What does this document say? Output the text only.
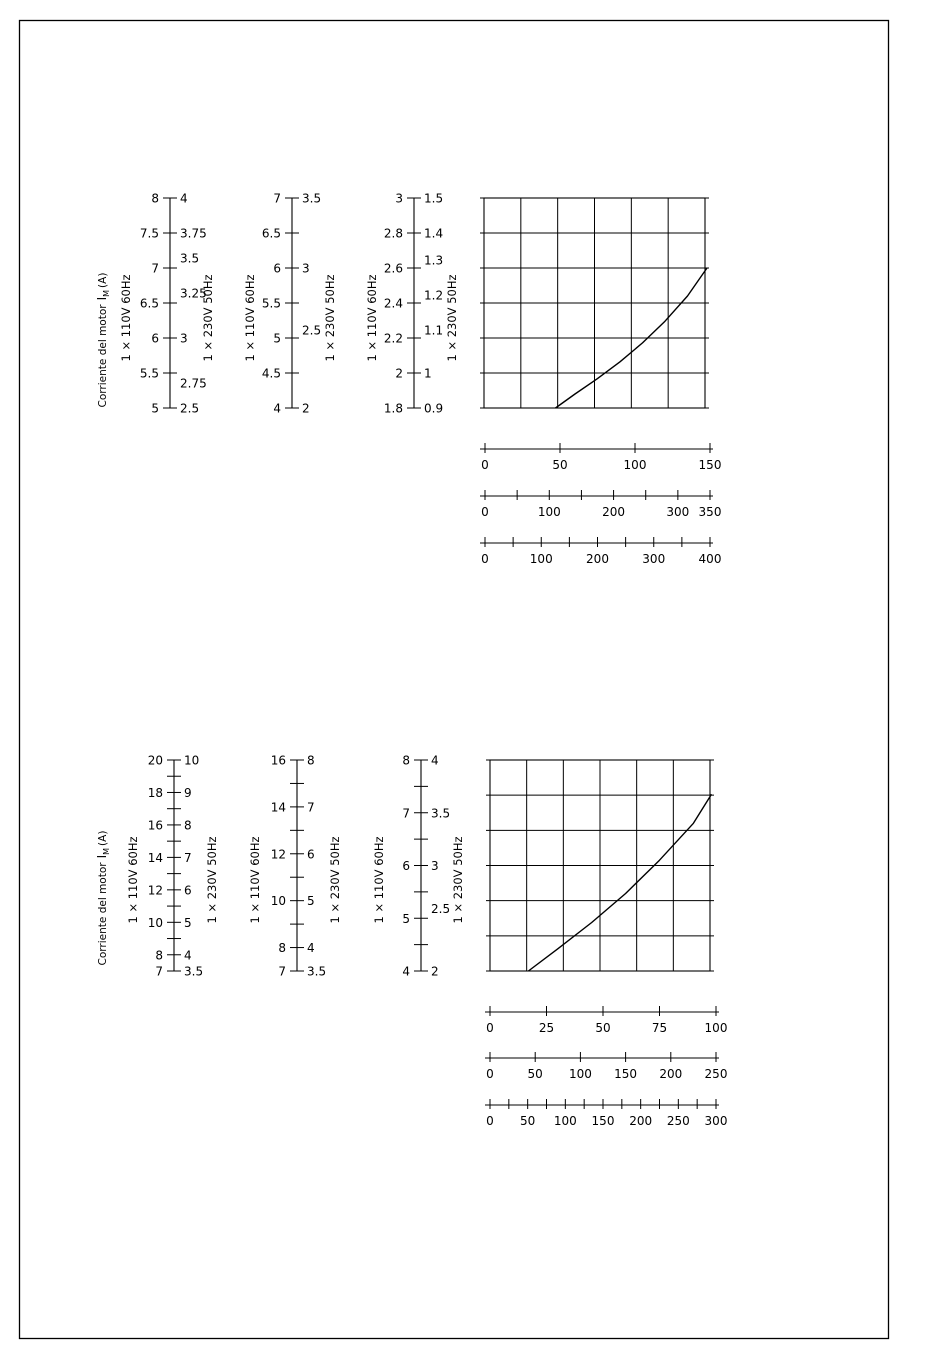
8 4
7.5 3.75
7
3.5
6.5
3.25
6 3
5.5
2.75
5 2.5
Corriente del motorI$_M$(A) 1 × 110V 60Hz	1 × 230V 50Hz
7 3.5
6.5
6 3
5.5
5
2.5
4.5
4 2
1 × 110V 60Hz	1 × 230V 50Hz
3 1.5
2.8 1.4
2.6
1.3
2.4
1.2
2.2
1.1
2 1
1.8 0.9
1 × 110V 60Hz	1 × 230V 50Hz
0	50	100	150
0	100	200	300 350
0	100	200	300	400
20 10
18 9
16 8
14 7
12 6
10 5
8 4
7 3.5
Corriente del motorI$_M$(A) 1 × 110V 60Hz	1 × 230V 50Hz
16 8
14 7
12 6
10 5
8 4
7 3.5
1 × 110V 60Hz	1 × 230V 50Hz
8 4
7 3.5
6 3
5
2.5
4 2
1 × 110V 60Hz	1 × 230V 50Hz
0	25	50	75	100
0	50 100 150 200 250
0 50 100 150 200 250 300
